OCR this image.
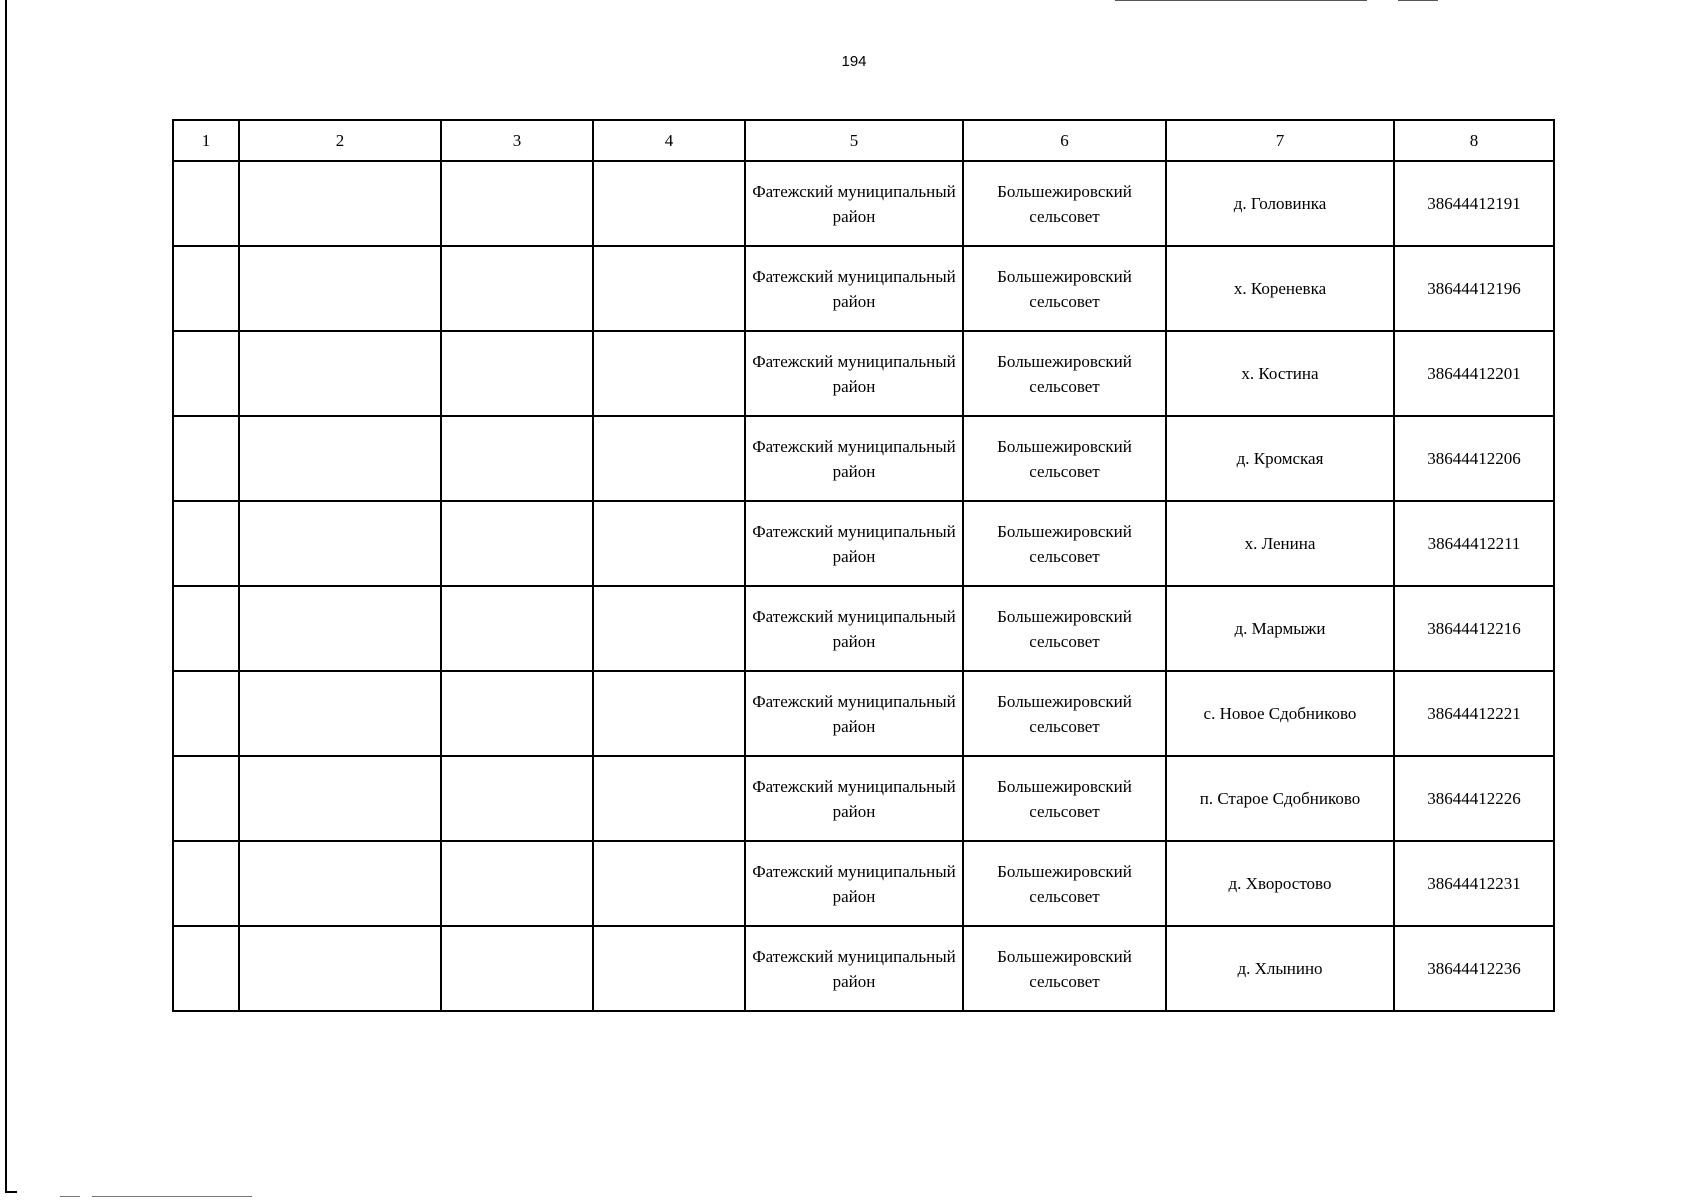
194
1	2	3	4	5	6	7	8
				Фатежский муниципальный район	Большежировский сельсовет	д. Головинка	38644412191
				Фатежский муниципальный район	Большежировский сельсовет	х. Кореневка	38644412196
				Фатежский муниципальный район	Большежировский сельсовет	х. Костина	38644412201
				Фатежский муниципальный район	Большежировский сельсовет	д. Кромская	38644412206
				Фатежский муниципальный район	Большежировский сельсовет	х. Ленина	38644412211
				Фатежский муниципальный район	Большежировский сельсовет	д. Мармыжи	38644412216
				Фатежский муниципальный район	Большежировский сельсовет	с. Новое Сдобниково	38644412221
				Фатежский муниципальный район	Большежировский сельсовет	п. Старое Сдобниково	38644412226
				Фатежский муниципальный район	Большежировский сельсовет	д. Хворостово	38644412231
				Фатежский муниципальный район	Большежировский сельсовет	д. Хлынино	38644412236
